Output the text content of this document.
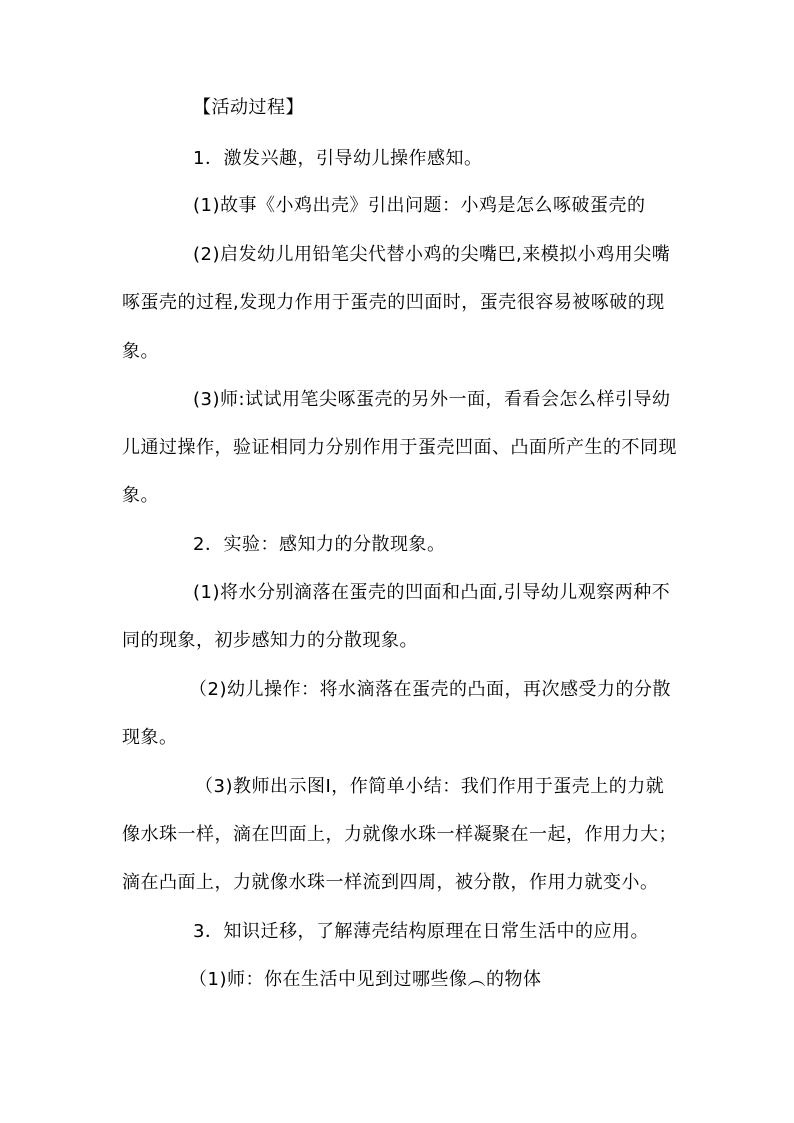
【活动过程】
1．激发兴趣，引导幼儿操作感知。
(1)故事《小鸡出壳》引出问题：小鸡是怎么啄破蛋壳的
(2)启发幼儿用铅笔尖代替小鸡的尖嘴巴,来模拟小鸡用尖嘴
啄蛋壳的过程,发现力作用于蛋壳的凹面时，蛋壳很容易被啄破的现
象。
(3)师:试试用笔尖啄蛋壳的另外一面，看看会怎么样引导幼
儿通过操作，验证相同力分别作用于蛋壳凹面、凸面所产生的不同现
象。
2．实验：感知力的分散现象。
(1)将水分别滴落在蛋壳的凹面和凸面,引导幼儿观察两种不
同的现象，初步感知力的分散现象。
（2)幼儿操作：将水滴落在蛋壳的凸面，再次感受力的分散
现象。
（3)教师出示图I，作简单小结：我们作用于蛋壳上的力就
像水珠一样，滴在凹面上，力就像水珠一样凝聚在一起，作用力大；
滴在凸面上，力就像水珠一样流到四周，被分散，作用力就变小。
3．知识迁移，了解薄壳结构原理在日常生活中的应用。
（1)师：你在生活中见到过哪些像︵的物体
